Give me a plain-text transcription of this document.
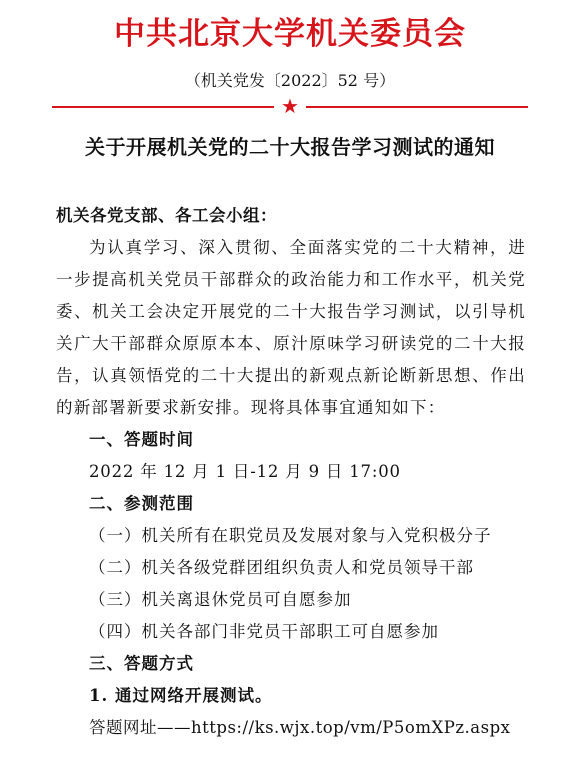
中共北京大学机关委员会
（机关党发〔2022〕52 号）
★
关于开展机关党的二十大报告学习测试的通知

机关各党支部、各工会小组：

为认真学习、深入贯彻、全面落实党的二十大精神，进一步提高机关党员干部群众的政治能力和工作水平，机关党委、机关工会决定开展党的二十大报告学习测试，以引导机关广大干部群众原原本本、原汁原味学习研读党的二十大报告，认真领悟党的二十大提出的新观点新论断新思想、作出的新部署新要求新安排。现将具体事宜通知如下：

一、答题时间

2022 年 12 月 1 日-12 月 9 日 17:00

二、参测范围

（一）机关所有在职党员及发展对象与入党积极分子

（二）机关各级党群团组织负责人和党员领导干部

（三）机关离退休党员可自愿参加

（四）机关各部门非党员干部职工可自愿参加

三、答题方式

1. 通过网络开展测试。

答题网址——https://ks.wjx.top/vm/P5omXPz.aspx
